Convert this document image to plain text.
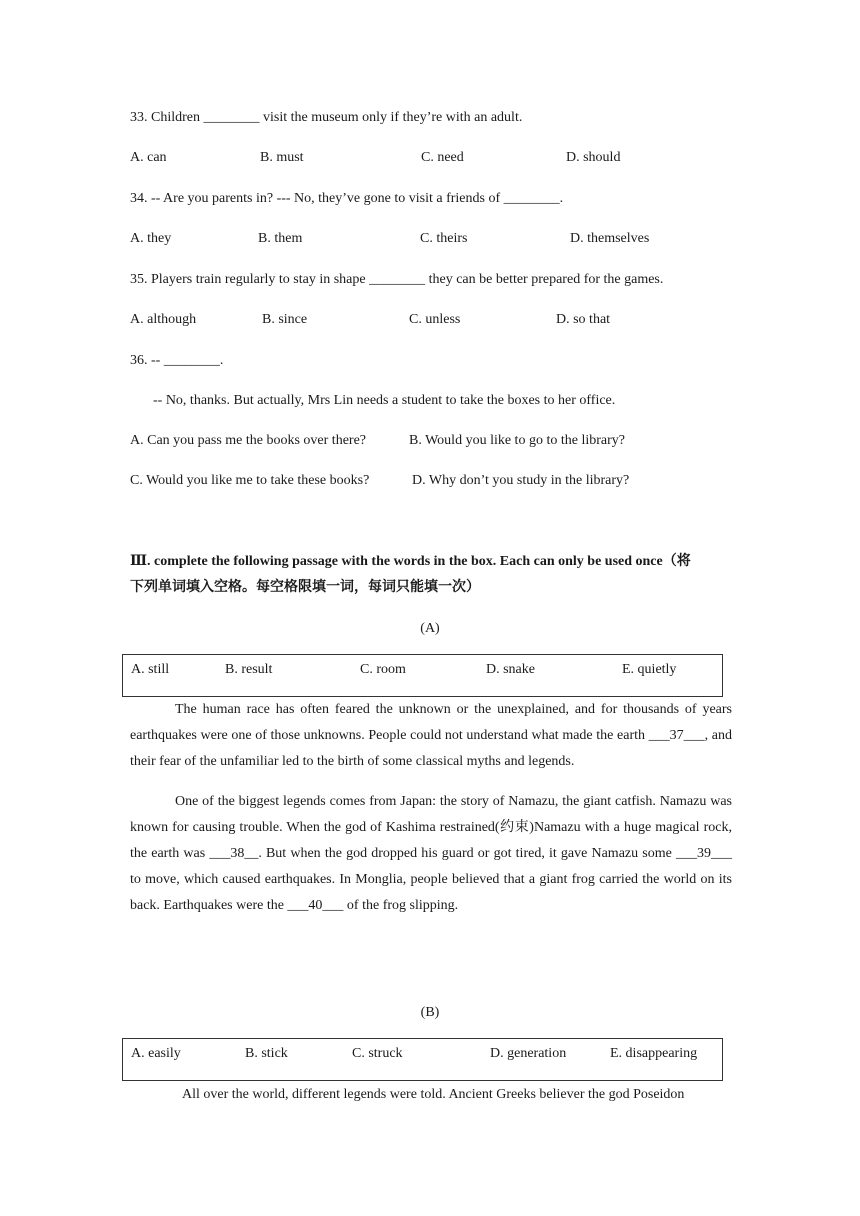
33. Children ________ visit the museum only if they’re with an adult.
A. can	B. must	C. need	D. should
34. -- Are you parents in? --- No, they’ve gone to visit a friends of ________.
A. they	B. them	C. theirs	D. themselves
35. Players train regularly to stay in shape ________ they can be better prepared for the games.
A. although	B. since	C. unless	D. so that
36. -- ________.
-- No, thanks. But actually, Mrs Lin needs a student to take the boxes to her office.
A. Can you pass me the books over there?	B. Would you like to go to the library?
C. Would you like me to take these books?	D. Why don’t you study in the library?
Ⅲ. complete the following passage with the words in the box. Each can only be used once（将
下列单词填入空格。每空格限填一词，每词只能填一次）
(A)
A. still	B. result	C. room	D. snake	E. quietly
The human race has often feared the unknown or the unexplained, and for thousands of years earthquakes were one of those unknowns. People could not understand what made the earth ___37___, and their fear of the unfamiliar led to the birth of some classical myths and legends.
One of the biggest legends comes from Japan: the story of Namazu, the giant catfish. Namazu was known for causing trouble. When the god of Kashima restrained(约束)Namazu with a huge magical rock, the earth was ___38__. But when the god dropped his guard or got tired, it gave Namazu some ___39___ to move, which caused earthquakes. In Monglia, people believed that a giant frog carried the world on its back. Earthquakes were the ___40___ of the frog slipping.
(B)
A. easily	B. stick	C. struck	D. generation	E. disappearing
All over the world, different legends were told. Ancient Greeks believer the god Poseidon
